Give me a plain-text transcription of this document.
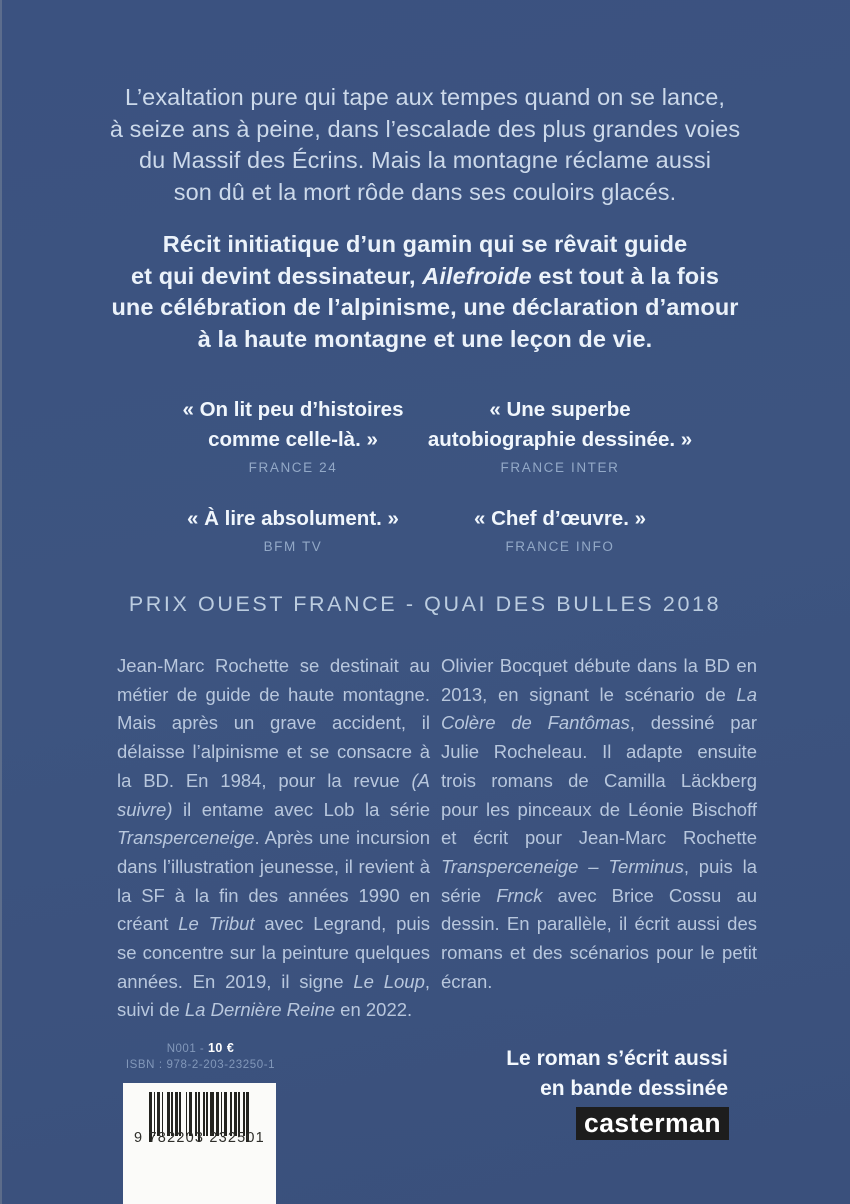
L’exaltation pure qui tape aux tempes quand on se lance,
à seize ans à peine, dans l’escalade des plus grandes voies
du Massif des Écrins. Mais la montagne réclame aussi
son dû et la mort rôde dans ses couloirs glacés.
Récit initiatique d’un gamin qui se rêvait guide
et qui devint dessinateur, Ailefroide est tout à la fois
une célébration de l’alpinisme, une déclaration d’amour
à la haute montagne et une leçon de vie.
« On lit peu d’histoires
comme celle-là. »
FRANCE 24
« À lire absolument. »
BFM TV
« Une superbe
autobiographie dessinée. »
FRANCE INTER
« Chef d’œuvre. »
FRANCE INFO
PRIX OUEST FRANCE - QUAI DES BULLES 2018
Jean-Marc Rochette se destinait au métier de guide de haute montagne. Mais après un grave accident, il délaisse l’alpinisme et se consacre à la BD. En 1984, pour la revue (A suivre) il entame avec Lob la série Transperceneige. Après une incursion dans l’illustration jeunesse, il revient à la SF à la fin des années 1990 en créant Le Tribut avec Legrand, puis se concentre sur la peinture quelques années. En 2019, il signe Le Loup, suivi de La Dernière Reine en 2022.
Olivier Bocquet débute dans la BD en 2013, en signant le scénario de La Colère de Fantômas, dessiné par Julie Rocheleau. Il adapte ensuite trois romans de Camilla Läckberg pour les pinceaux de Léonie Bischoff et écrit pour Jean-Marc Rochette Transperceneige – Terminus, puis la série Frnck avec Brice Cossu au dessin. En parallèle, il écrit aussi des romans et des scénarios pour le petit écran.
N001 - 10 €
ISBN : 978-2-203-23250-1
9 782203 232501
Le roman s’écrit aussi
en bande dessinée
casterman
